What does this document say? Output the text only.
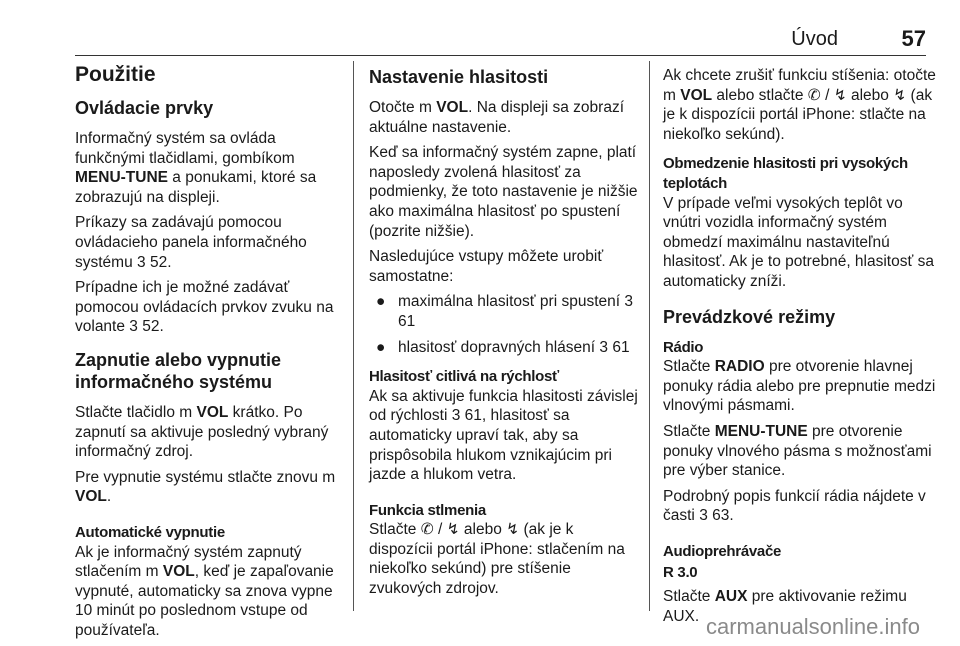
Úvod	57
Použitie
Ovládacie prvky

Informačný systém sa ovláda funkčnými tlačidlami, gombíkom MENU-TUNE a ponukami, ktoré sa zobrazujú na displeji.

Príkazy sa zadávajú pomocou ovládacieho panela informačného systému 3 52.

Prípadne ich je možné zadávať pomocou ovládacích prvkov zvuku na volante 3 52.

Zapnutie alebo vypnutie informačného systému

Stlačte tlačidlo m VOL krátko. Po zapnutí sa aktivuje posledný vybraný informačný zdroj.

Pre vypnutie systému stlačte znovu m VOL.

Automatické vypnutie

Ak je informačný systém zapnutý stlačením m VOL, keď je zapaľovanie vypnuté, automaticky sa znova vypne 10 minút po poslednom vstupe od používateľa.

Nastavenie hlasitosti

Otočte m VOL. Na displeji sa zobrazí aktuálne nastavenie.

Keď sa informačný systém zapne, platí naposledy zvolená hlasitosť za podmienky, že toto nastavenie je nižšie ako maximálna hlasitosť po spustení (pozrite nižšie).

Nasledujúce vstupy môžete urobiť samostatne:

● maximálna hlasitosť pri spustení 3 61
● hlasitosť dopravných hlásení 3 61
Hlasitosť citlivá na rýchlosť

Ak sa aktivuje funkcia hlasitosti závislej od rýchlosti 3 61, hlasitosť sa automaticky upraví tak, aby sa prispôsobila hlukom vznikajúcim pri jazde a hlukom vetra.

Funkcia stlmenia

Stlačte ✆ / ↯ alebo ↯ (ak je k dispozícii portál iPhone: stlačením na niekoľko sekúnd) pre stíšenie zvukových zdrojov.

Ak chcete zrušiť funkciu stíšenia: otočte m VOL alebo stlačte ✆ / ↯ alebo ↯ (ak je k dispozícii portál iPhone: stlačte na niekoľko sekúnd).

Obmedzenie hlasitosti pri vysokých teplotách

V prípade veľmi vysokých teplôt vo vnútri vozidla informačný systém obmedzí maximálnu nastaviteľnú hlasitosť. Ak je to potrebné, hlasitosť sa automaticky zníži.

Prevádzkové režimy
Rádio

Stlačte RADIO pre otvorenie hlavnej ponuky rádia alebo pre prepnutie medzi vlnovými pásmami.

Stlačte MENU-TUNE pre otvorenie ponuky vlnového pásma s možnosťami pre výber stanice.

Podrobný popis funkcií rádia nájdete v časti 3 63.

Audioprehrávače
R 3.0

Stlačte AUX pre aktivovanie režimu AUX. carmanualsonline.info
